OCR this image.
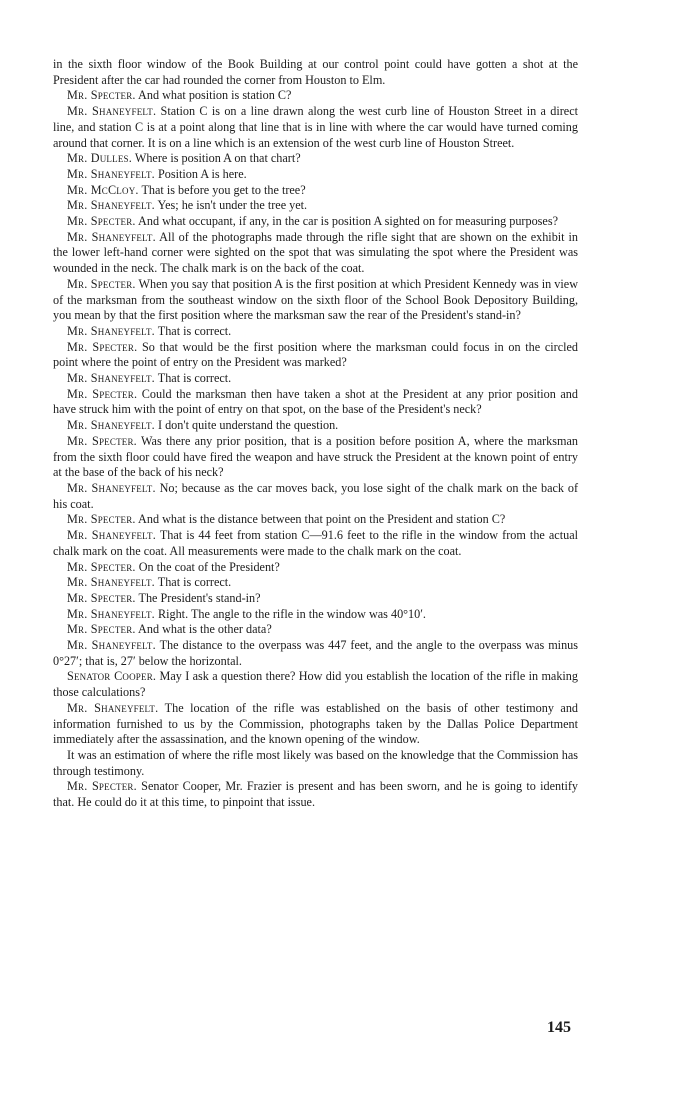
in the sixth floor window of the Book Building at our control point could have gotten a shot at the President after the car had rounded the corner from Houston to Elm.

Mr. Specter. And what position is station C?

Mr. Shaneyfelt. Station C is on a line drawn along the west curb line of Houston Street in a direct line, and station C is at a point along that line that is in line with where the car would have turned coming around that corner. It is on a line which is an extension of the west curb line of Houston Street.

Mr. Dulles. Where is position A on that chart?

Mr. Shaneyfelt. Position A is here.

Mr. McCloy. That is before you get to the tree?

Mr. Shaneyfelt. Yes; he isn't under the tree yet.

Mr. Specter. And what occupant, if any, in the car is position A sighted on for measuring purposes?

Mr. Shaneyfelt. All of the photographs made through the rifle sight that are shown on the exhibit in the lower left-hand corner were sighted on the spot that was simulating the spot where the President was wounded in the neck. The chalk mark is on the back of the coat.

Mr. Specter. When you say that position A is the first position at which President Kennedy was in view of the marksman from the southeast window on the sixth floor of the School Book Depository Building, you mean by that the first position where the marksman saw the rear of the President's stand-in?

Mr. Shaneyfelt. That is correct.

Mr. Specter. So that would be the first position where the marksman could focus in on the circled point where the point of entry on the President was marked?

Mr. Shaneyfelt. That is correct.

Mr. Specter. Could the marksman then have taken a shot at the President at any prior position and have struck him with the point of entry on that spot, on the base of the President's neck?

Mr. Shaneyfelt. I don't quite understand the question.

Mr. Specter. Was there any prior position, that is a position before position A, where the marksman from the sixth floor could have fired the weapon and have struck the President at the known point of entry at the base of the back of his neck?

Mr. Shaneyfelt. No; because as the car moves back, you lose sight of the chalk mark on the back of his coat.

Mr. Specter. And what is the distance between that point on the President and station C?

Mr. Shaneyfelt. That is 44 feet from station C—91.6 feet to the rifle in the window from the actual chalk mark on the coat. All measurements were made to the chalk mark on the coat.

Mr. Specter. On the coat of the President?

Mr. Shaneyfelt. That is correct.

Mr. Specter. The President's stand-in?

Mr. Shaneyfelt. Right. The angle to the rifle in the window was 40°10′.

Mr. Specter. And what is the other data?

Mr. Shaneyfelt. The distance to the overpass was 447 feet, and the angle to the overpass was minus 0°27′; that is, 27′ below the horizontal.

Senator Cooper. May I ask a question there? How did you establish the location of the rifle in making those calculations?

Mr. Shaneyfelt. The location of the rifle was established on the basis of other testimony and information furnished to us by the Commission, photographs taken by the Dallas Police Department immediately after the assassination, and the known opening of the window.

It was an estimation of where the rifle most likely was based on the knowledge that the Commission has through testimony.

Mr. Specter. Senator Cooper, Mr. Frazier is present and has been sworn, and he is going to identify that. He could do it at this time, to pinpoint that issue.

145
